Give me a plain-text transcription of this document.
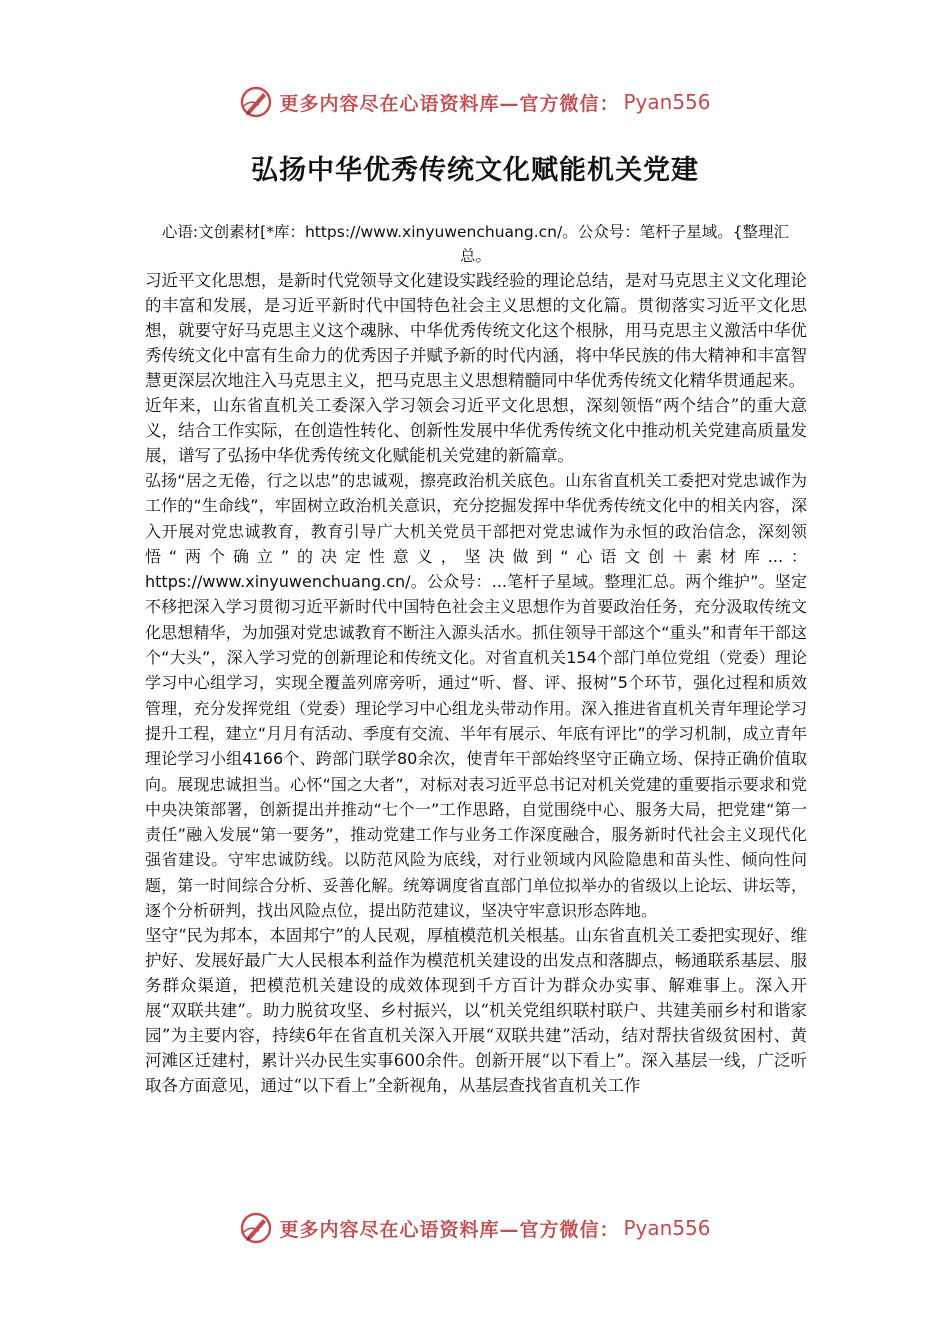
更多内容尽在心语资料库—官方微信： Pyan556
弘扬中华优秀传统文化赋能机关党建
心语:文创素材[*库：https://www.xinyuwenchuang.cn/。公众号：笔杆子星域。{整理汇总。

习近平文化思想，是新时代党领导文化建设实践经验的理论总结，是对马克思主义文化理论的丰富和发展，是习近平新时代中国特色社会主义思想的文化篇。贯彻落实习近平文化思想，就要守好马克思主义这个魂脉、中华优秀传统文化这个根脉，用马克思主义激活中华优秀传统文化中富有生命力的优秀因子并赋予新的时代内涵，将中华民族的伟大精神和丰富智慧更深层次地注入马克思主义，把马克思主义思想精髓同中华优秀传统文化精华贯通起来。

近年来，山东省直机关工委深入学习领会习近平文化思想，深刻领悟“两个结合”的重大意义，结合工作实际，在创造性转化、创新性发展中华优秀传统文化中推动机关党建高质量发展，谱写了弘扬中华优秀传统文化赋能机关党建的新篇章。

弘扬“居之无倦，行之以忠”的忠诚观，擦亮政治机关底色。山东省直机关工委把对党忠诚作为工作的“生命线”，牢固树立政治机关意识，充分挖掘发挥中华优秀传统文化中的相关内容，深入开展对党忠诚教育，教育引导广大机关党员干部把对党忠诚作为永恒的政治信念，深刻领悟“两个确立”的决定性意义，坚决做到“心语文创＋素材库...：https://www.xinyuwenchuang.cn/。公众号：...笔杆子星域。整理汇总。两个维护”。坚定不移把深入学习贯彻习近平新时代中国特色社会主义思想作为首要政治任务，充分汲取传统文化思想精华，为加强对党忠诚教育不断注入源头活水。抓住领导干部这个“重头”和青年干部这个“大头”，深入学习党的创新理论和传统文化。对省直机关154个部门单位党组（党委）理论学习中心组学习，实现全覆盖列席旁听，通过“听、督、评、报树”5个环节，强化过程和质效管理，充分发挥党组（党委）理论学习中心组龙头带动作用。深入推进省直机关青年理论学习提升工程，建立“月月有活动、季度有交流、半年有展示、年底有评比”的学习机制，成立青年理论学习小组4166个、跨部门联学80余次，使青年干部始终坚守正确立场、保持正确价值取向。展现忠诚担当。心怀“国之大者”，对标对表习近平总书记对机关党建的重要指示要求和党中央决策部署，创新提出并推动“七个一”工作思路，自觉围绕中心、服务大局，把党建“第一责任”融入发展“第一要务”，推动党建工作与业务工作深度融合，服务新时代社会主义现代化强省建设。守牢忠诚防线。以防范风险为底线，对行业领域内风险隐患和苗头性、倾向性问题，第一时间综合分析、妥善化解。统筹调度省直部门单位拟举办的省级以上论坛、讲坛等，逐个分析研判，找出风险点位，提出防范建议，坚决守牢意识形态阵地。

坚守“民为邦本，本固邦宁”的人民观，厚植模范机关根基。山东省直机关工委把实现好、维护好、发展好最广大人民根本利益作为模范机关建设的出发点和落脚点，畅通联系基层、服务群众渠道，把模范机关建设的成效体现到千方百计为群众办实事、解难事上。深入开展“双联共建”。助力脱贫攻坚、乡村振兴，以“机关党组织联村联户、共建美丽乡村和谐家园”为主要内容，持续6年在省直机关深入开展“双联共建”活动，结对帮扶省级贫困村、黄河滩区迁建村，累计兴办民生实事600余件。创新开展“以下看上”。深入基层一线，广泛听取各方面意见，通过“以下看上”全新视角，从基层查找省直机关工作

更多内容尽在心语资料库—官方微信： Pyan556
